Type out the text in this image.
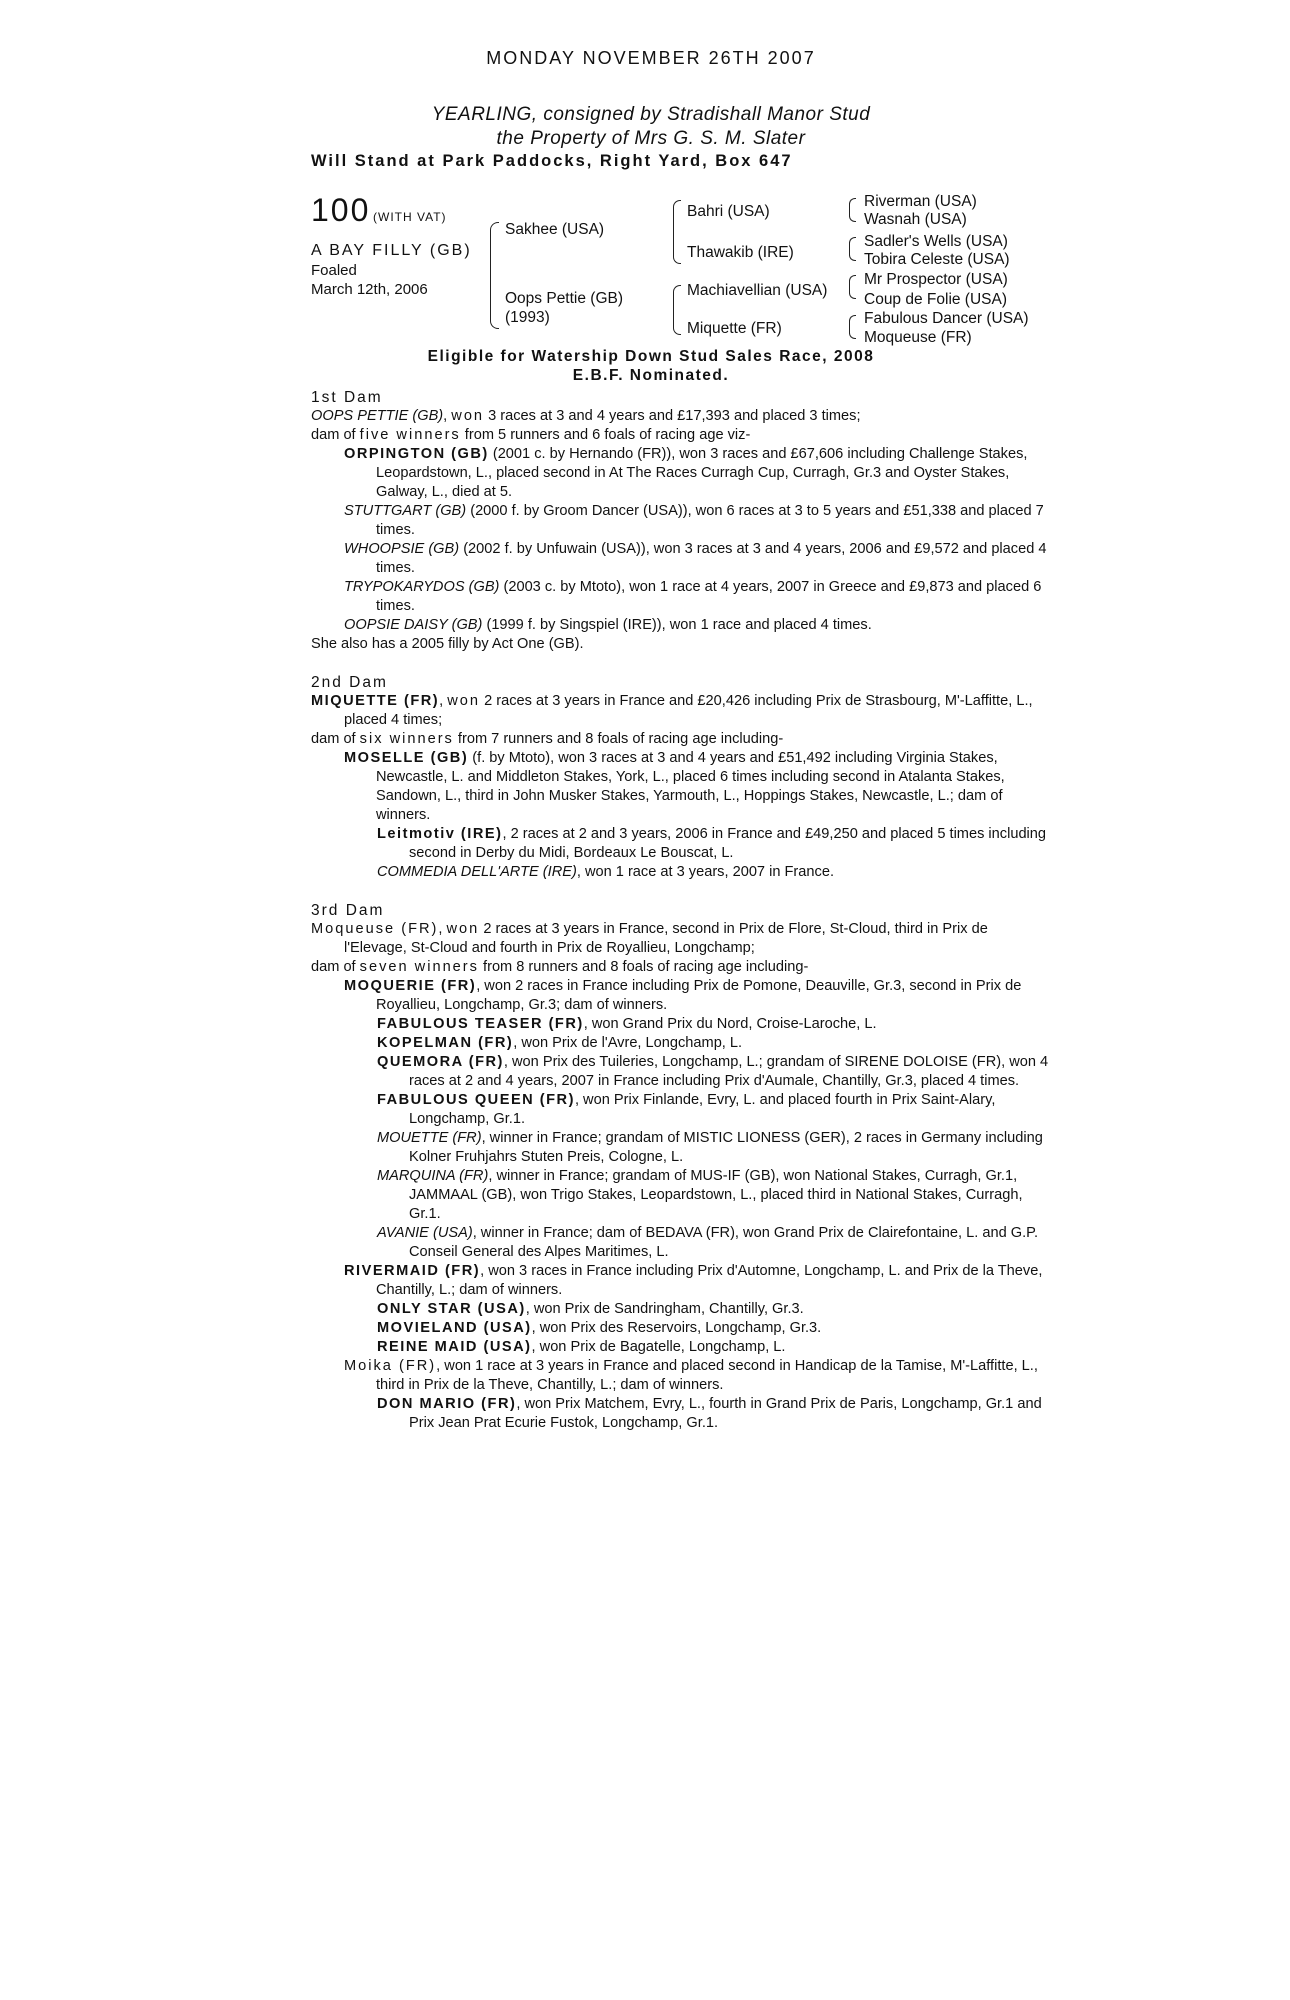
MONDAY NOVEMBER 26TH 2007
YEARLING, consigned by Stradishall Manor Stud
the Property of Mrs G. S. M. Slater
Will Stand at Park Paddocks, Right Yard, Box 647
100 (WITH VAT)
A BAY FILLY (GB)
Foaled
March 12th, 2006
Sakhee (USA)
Oops Pettie (GB)
(1993)
Bahri (USA)
Thawakib (IRE)
Machiavellian (USA)
Miquette (FR)
Riverman (USA)
Wasnah (USA)
Sadler's Wells (USA)
Tobira Celeste (USA)
Mr Prospector (USA)
Coup de Folie (USA)
Fabulous Dancer (USA)
Moqueuse (FR)
Eligible for Watership Down Stud Sales Race, 2008
E.B.F. Nominated.

1st Dam

OOPS PETTIE (GB), won 3 races at 3 and 4 years and £17,393 and placed 3 times;

dam of five winners from 5 runners and 6 foals of racing age viz-

ORPINGTON (GB) (2001 c. by Hernando (FR)), won 3 races and £67,606 including Challenge Stakes, Leopardstown, L., placed second in At The Races Curragh Cup, Curragh, Gr.3 and Oyster Stakes, Galway, L., died at 5.

STUTTGART (GB) (2000 f. by Groom Dancer (USA)), won 6 races at 3 to 5 years and £51,338 and placed 7 times.

WHOOPSIE (GB) (2002 f. by Unfuwain (USA)), won 3 races at 3 and 4 years, 2006 and £9,572 and placed 4 times.

TRYPOKARYDOS (GB) (2003 c. by Mtoto), won 1 race at 4 years, 2007 in Greece and £9,873 and placed 6 times.

OOPSIE DAISY (GB) (1999 f. by Singspiel (IRE)), won 1 race and placed 4 times.

She also has a 2005 filly by Act One (GB).

2nd Dam

MIQUETTE (FR), won 2 races at 3 years in France and £20,426 including Prix de Strasbourg, M'-Laffitte, L., placed 4 times;

dam of six winners from 7 runners and 8 foals of racing age including-

MOSELLE (GB) (f. by Mtoto), won 3 races at 3 and 4 years and £51,492 including Virginia Stakes, Newcastle, L. and Middleton Stakes, York, L., placed 6 times including second in Atalanta Stakes, Sandown, L., third in John Musker Stakes, Yarmouth, L., Hoppings Stakes, Newcastle, L.; dam of winners.

Leitmotiv (IRE), 2 races at 2 and 3 years, 2006 in France and £49,250 and placed 5 times including second in Derby du Midi, Bordeaux Le Bouscat, L.

COMMEDIA DELL'ARTE (IRE), won 1 race at 3 years, 2007 in France.

3rd Dam

Moqueuse (FR), won 2 races at 3 years in France, second in Prix de Flore, St-Cloud, third in Prix de l'Elevage, St-Cloud and fourth in Prix de Royallieu, Longchamp;

dam of seven winners from 8 runners and 8 foals of racing age including-

MOQUERIE (FR), won 2 races in France including Prix de Pomone, Deauville, Gr.3, second in Prix de Royallieu, Longchamp, Gr.3; dam of winners.

FABULOUS TEASER (FR), won Grand Prix du Nord, Croise-Laroche, L.

KOPELMAN (FR), won Prix de l'Avre, Longchamp, L.

QUEMORA (FR), won Prix des Tuileries, Longchamp, L.; grandam of SIRENE DOLOISE (FR), won 4 races at 2 and 4 years, 2007 in France including Prix d'Aumale, Chantilly, Gr.3, placed 4 times.

FABULOUS QUEEN (FR), won Prix Finlande, Evry, L. and placed fourth in Prix Saint-Alary, Longchamp, Gr.1.

MOUETTE (FR), winner in France; grandam of MISTIC LIONESS (GER), 2 races in Germany including Kolner Fruhjahrs Stuten Preis, Cologne, L.

MARQUINA (FR), winner in France; grandam of MUS-IF (GB), won National Stakes, Curragh, Gr.1, JAMMAAL (GB), won Trigo Stakes, Leopardstown, L., placed third in National Stakes, Curragh, Gr.1.

AVANIE (USA), winner in France; dam of BEDAVA (FR), won Grand Prix de Clairefontaine, L. and G.P. Conseil General des Alpes Maritimes, L.

RIVERMAID (FR), won 3 races in France including Prix d'Automne, Longchamp, L. and Prix de la Theve, Chantilly, L.; dam of winners.

ONLY STAR (USA), won Prix de Sandringham, Chantilly, Gr.3.

MOVIELAND (USA), won Prix des Reservoirs, Longchamp, Gr.3.

REINE MAID (USA), won Prix de Bagatelle, Longchamp, L.

Moika (FR), won 1 race at 3 years in France and placed second in Handicap de la Tamise, M'-Laffitte, L., third in Prix de la Theve, Chantilly, L.; dam of winners.

DON MARIO (FR), won Prix Matchem, Evry, L., fourth in Grand Prix de Paris, Longchamp, Gr.1 and Prix Jean Prat Ecurie Fustok, Longchamp, Gr.1.
